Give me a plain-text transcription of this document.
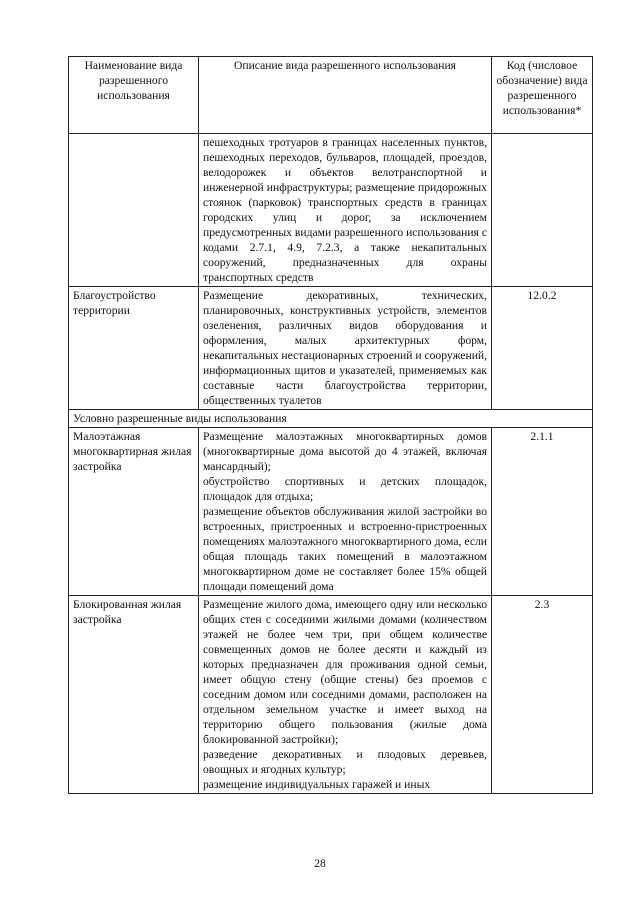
Наименование вида разрешенного использования	Описание вида разрешенного использования	Код (числовое обозначение) вида разрешенного использования*

	пешеходных тротуаров в границах населенных пунктов, пешеходных переходов, бульваров, площадей, проездов, велодорожек и объектов велотранспортной и инженерной инфраструктуры; размещение придорожных стоянок (парковок) транспортных средств в границах городских улиц и дорог, за исключением предусмотренных видами разрешенного использования с кодами 2.7.1, 4.9, 7.2.3, а также некапитальных сооружений, предназначенных для охраны транспортных средств	

Благоустройство территории	Размещение декоративных, технических, планировочных, конструктивных устройств, элементов озеленения, различных видов оборудования и оформления, малых архитектурных форм, некапитальных нестационарных строений и сооружений, информационных щитов и указателей, применяемых как составные части благоустройства территории, общественных туалетов	12.0.2
Условно разрешенные виды использования		
Малоэтажная многоквартирная жилая застройка	Размещение малоэтажных многоквартирных домов (многоквартирные дома высотой до 4 этажей, включая мансардный);

обустройство спортивных и детских площадок, площадок для отдыха;

размещение объектов обслуживания жилой застройки во встроенных, пристроенных и встроенно-пристроенных помещениях малоэтажного многоквартирного дома, если общая площадь таких помещений в малоэтажном многоквартирном доме не составляет более 15% общей площади помещений дома	2.1.1
Блокированная жилая застройка	Размещение жилого дома, имеющего одну или несколько общих стен с соседними жилыми домами (количеством этажей не более чем три, при общем количестве совмещенных домов не более десяти и каждый из которых предназначен для проживания одной семьи, имеет общую стену (общие стены) без проемов с соседним домом или соседними домами, расположен на отдельном земельном участке и имеет выход на территорию общего пользования (жилые дома блокированной застройки);

разведение декоративных и плодовых деревьев, овощных и ягодных культур;

размещение индивидуальных гаражей и иных	2.3
28
